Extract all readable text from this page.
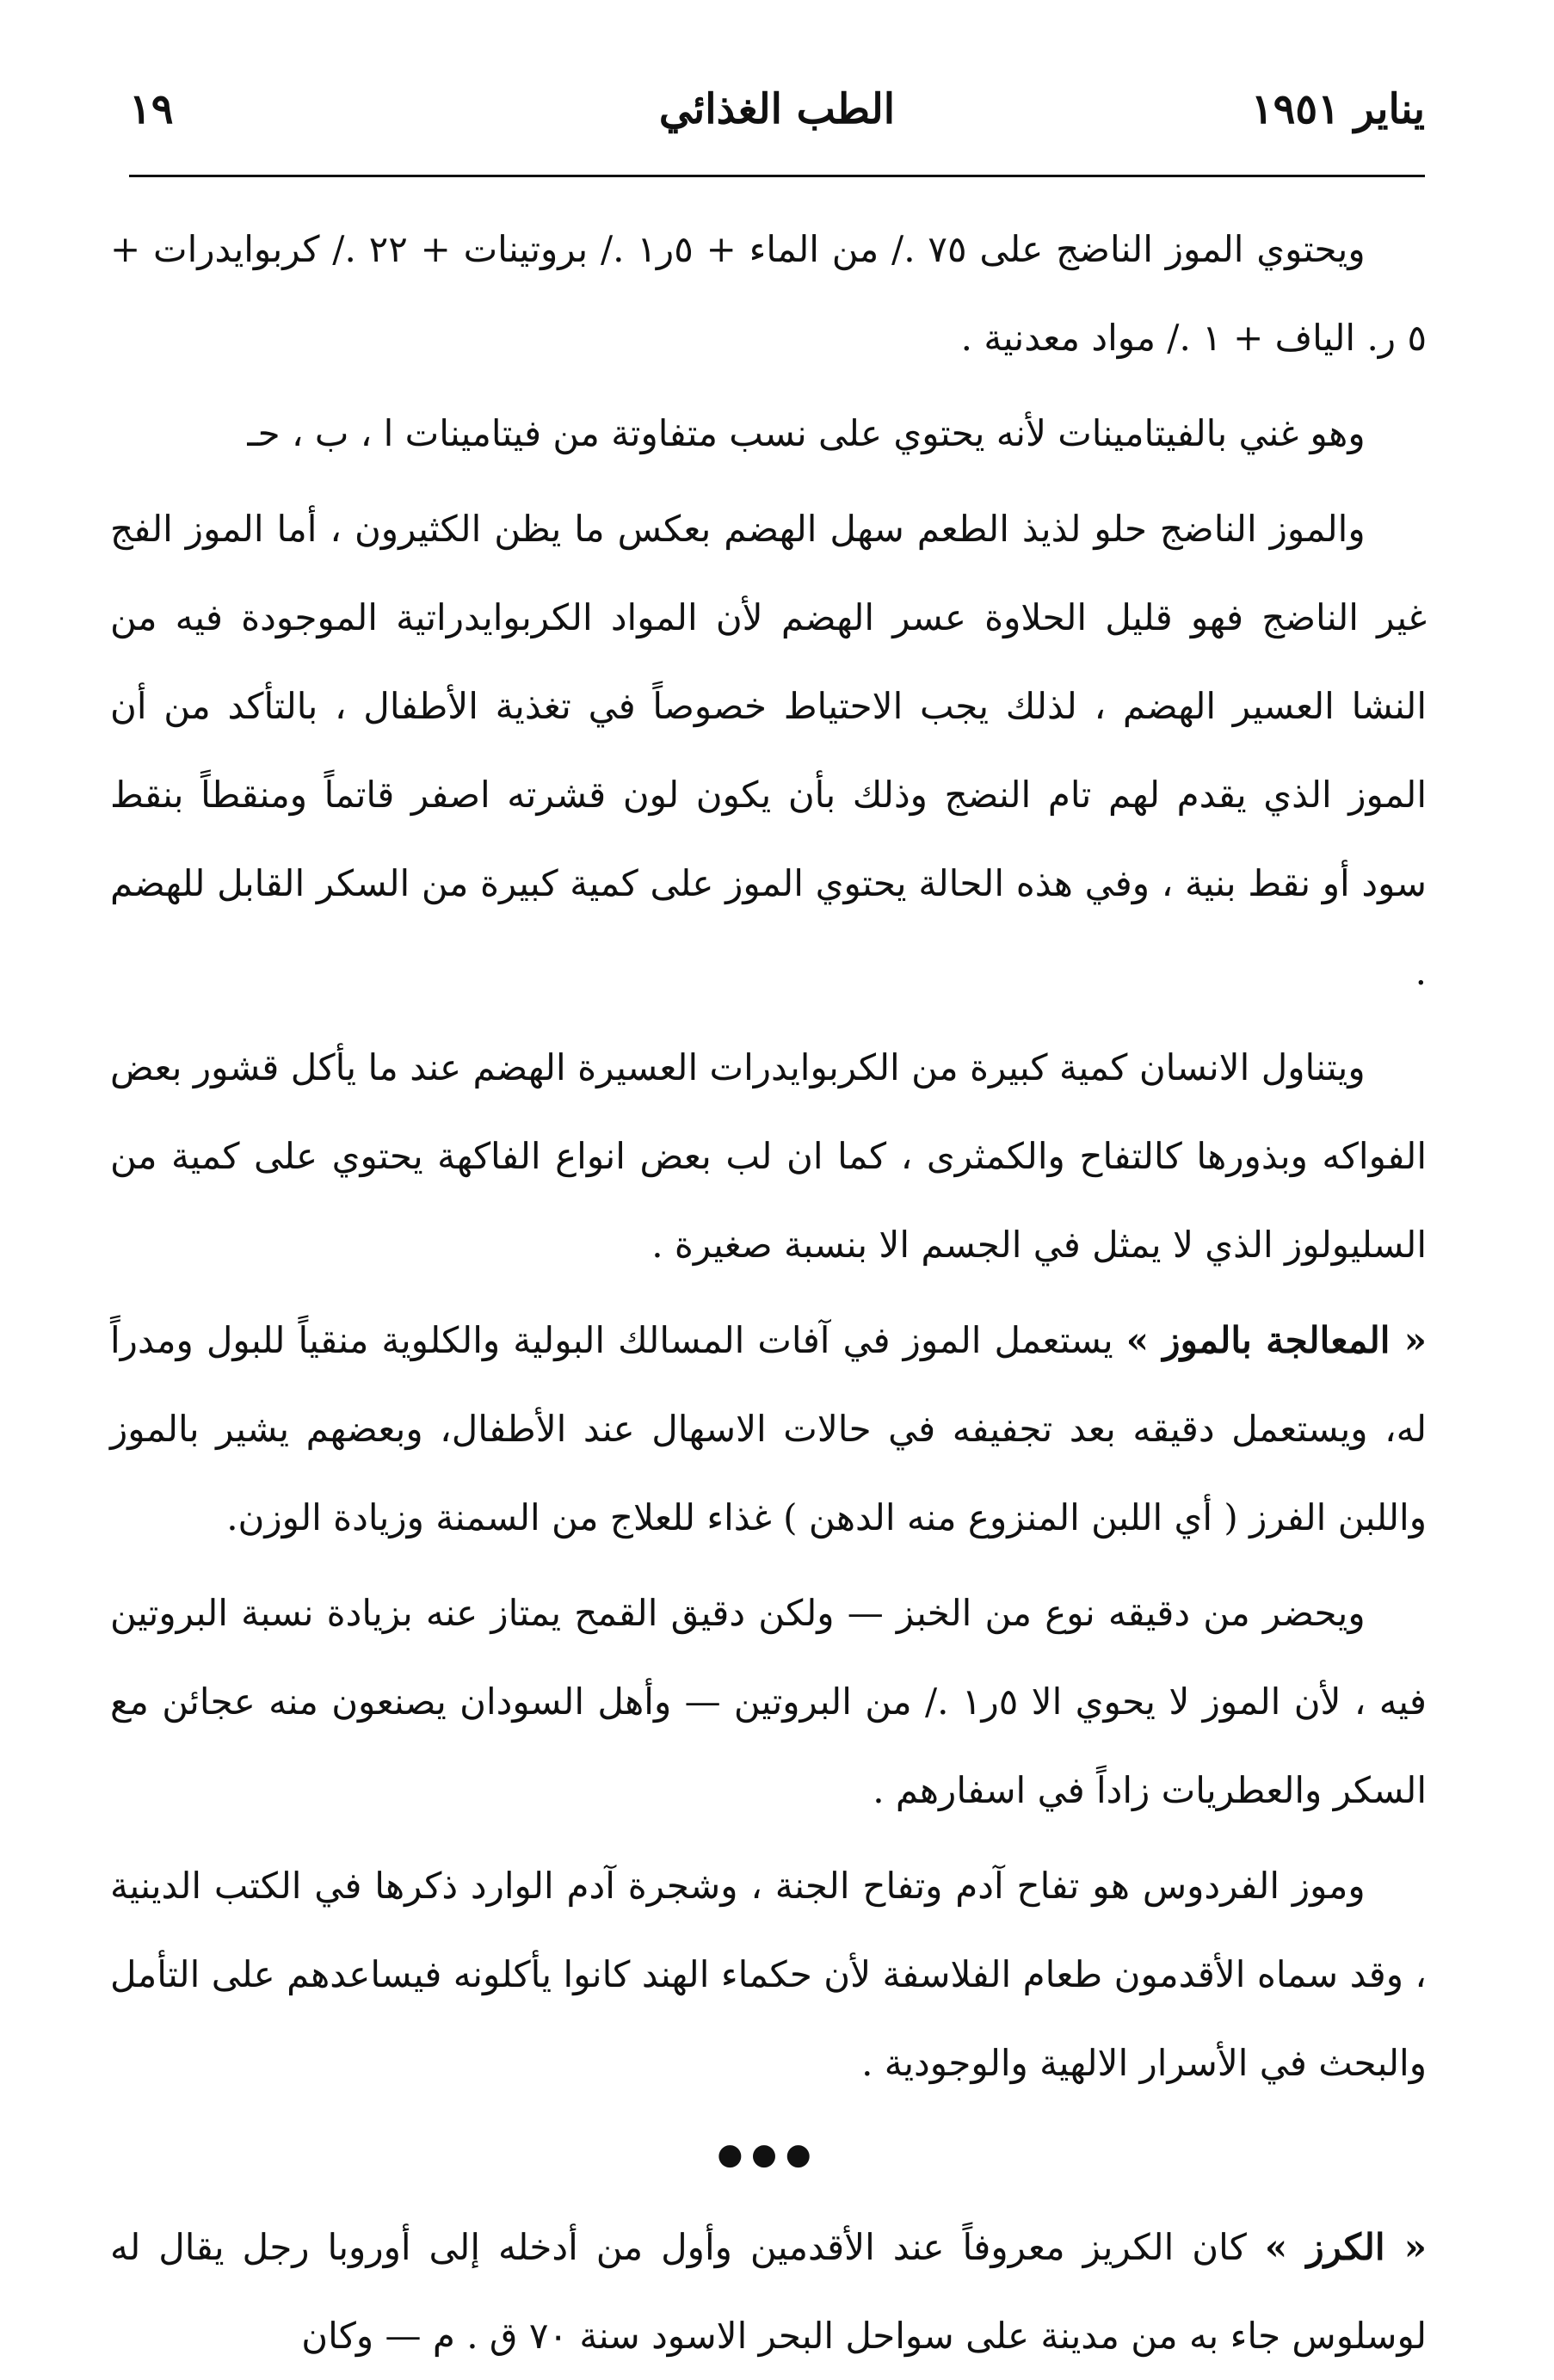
يناير ١٩٥١
الطب الغذائي
١٩

ويحتوي الموز الناضج على ٧٥ ./ من الماء + ٥ر١ ./ بروتينات + ٢٢ ./ كربوايدرات + ٥ ر. الياف + ١ ./ مواد معدنية .

وهو غني بالفيتامينات لأنه يحتوي على نسب متفاوتة من فيتامينات ا ، ب ، حـ

والموز الناضج حلو لذيذ الطعم سهل الهضم بعكس ما يظن الكثيرون ، أما الموز الفج غير الناضج فهو قليل الحلاوة عسر الهضم لأن المواد الكربوايدراتية الموجودة فيه من النشا العسير الهضم ، لذلك يجب الاحتياط خصوصاً في تغذية الأطفال ، بالتأكد من أن الموز الذي يقدم لهم تام النضج وذلك بأن يكون لون قشرته اصفر قاتماً ومنقطاً بنقط سود أو نقط بنية ، وفي هذه الحالة يحتوي الموز على كمية كبيرة من السكر القابل للهضم .

ويتناول الانسان كمية كبيرة من الكربوايدرات العسيرة الهضم عند ما يأكل قشور بعض الفواكه وبذورها كالتفاح والكمثرى ، كما ان لب بعض انواع الفاكهة يحتوي على كمية من السليولوز الذي لا يمثل في الجسم الا بنسبة صغيرة .

« المعالجة بالموز » يستعمل الموز في آفات المسالك البولية والكلوية منقياً للبول ومدراً له، ويستعمل دقيقه بعد تجفيفه في حالات الاسهال عند الأطفال، وبعضهم يشير بالموز واللبن الفرز ( أي اللبن المنزوع منه الدهن ) غذاء للعلاج من السمنة وزيادة الوزن.

ويحضر من دقيقه نوع من الخبز — ولكن دقيق القمح يمتاز عنه بزيادة نسبة البروتين فيه ، لأن الموز لا يحوي الا ٥ر١ ./ من البروتين — وأهل السودان يصنعون منه عجائن مع السكر والعطريات زاداً في اسفارهم .

وموز الفردوس هو تفاح آدم وتفاح الجنة ، وشجرة آدم الوارد ذكرها في الكتب الدينية ، وقد سماه الأقدمون طعام الفلاسفة لأن حكماء الهند كانوا يأكلونه فيساعدهم على التأمل والبحث في الأسرار الالهية والوجودية .

●●●

« الكرز » كان الكريز معروفاً عند الأقدمين وأول من أدخله إلى أوروبا رجل يقال له لوسلوس جاء به من مدينة على سواحل البحر الاسود سنة ٧٠ ق . م — وكان
